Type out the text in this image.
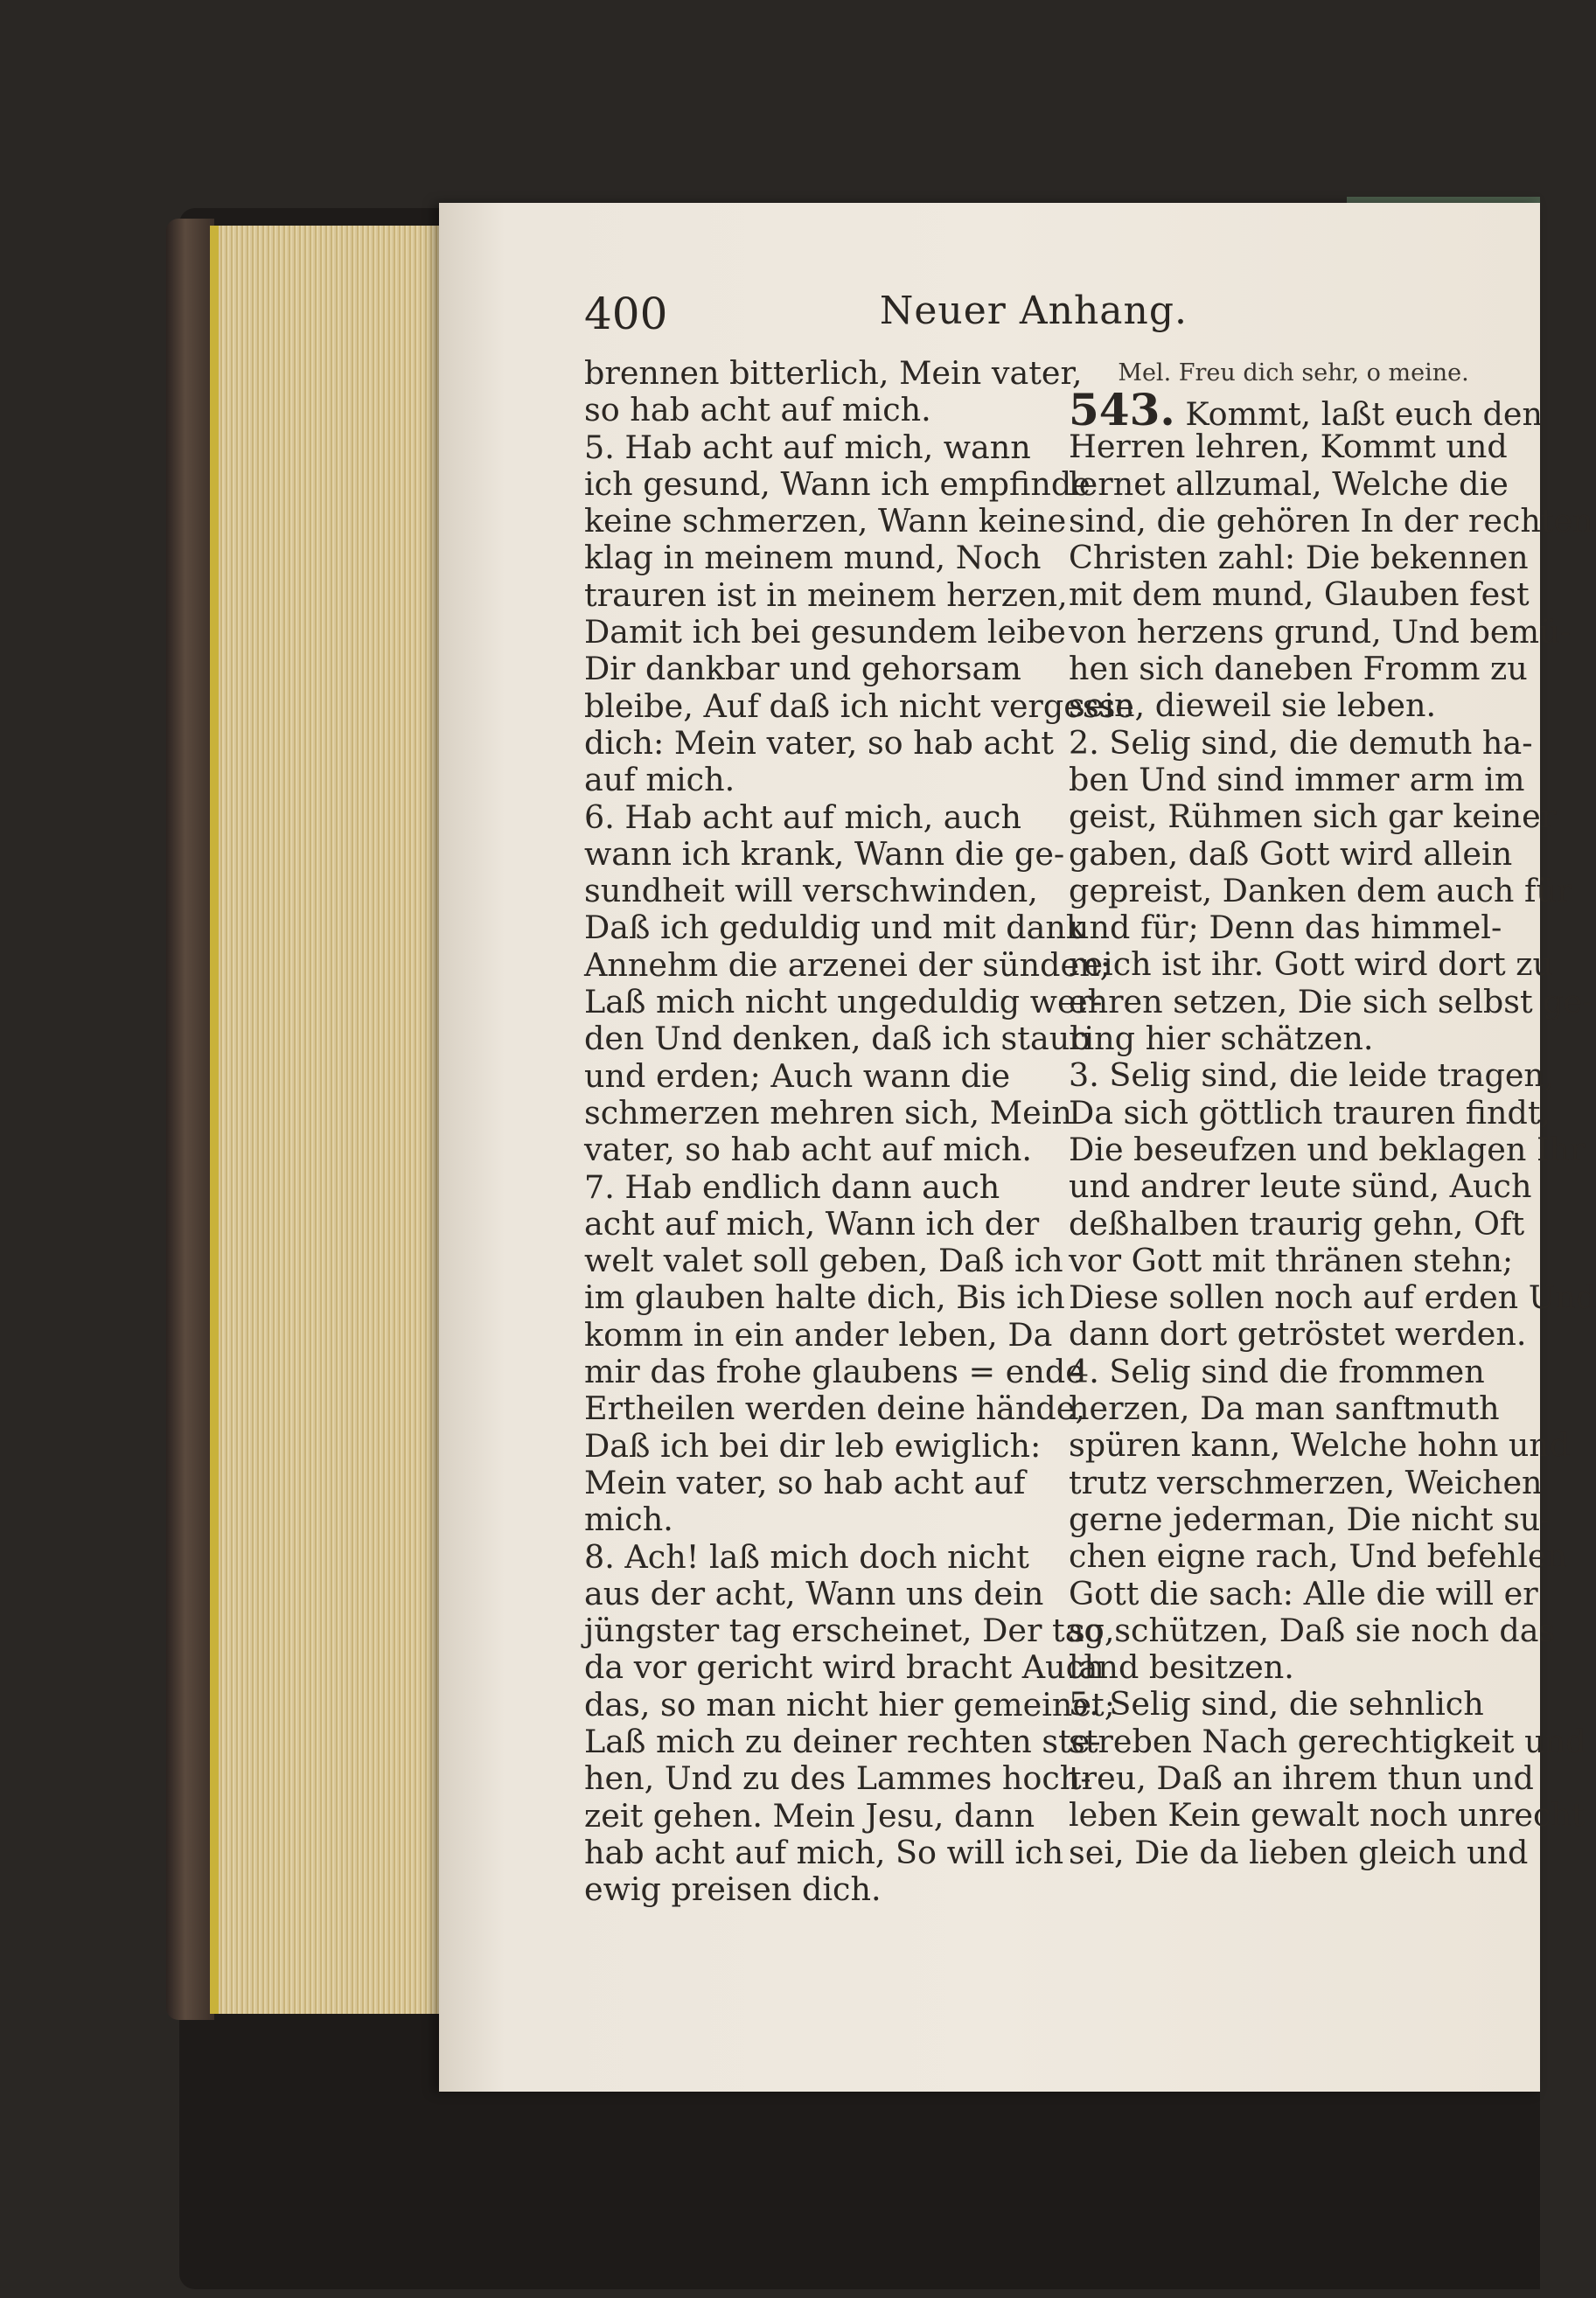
400	Neuer Anhang.
brennen bitterlich, Mein vater,
so hab acht auf mich.
5. Hab acht auf mich, wann
ich gesund, Wann ich empfinde
keine schmerzen, Wann keine
klag in meinem mund, Noch
trauren ist in meinem herzen,
Damit ich bei gesundem leibe
Dir dankbar und gehorsam
bleibe, Auf daß ich nicht vergesse
dich: Mein vater, so hab acht
auf mich.
6. Hab acht auf mich, auch
wann ich krank, Wann die ge-
sundheit will verschwinden,
Daß ich geduldig und mit dank
Annehm die arzenei der sünden;
Laß mich nicht ungeduldig wer-
den Und denken, daß ich staub
und erden; Auch wann die
schmerzen mehren sich, Mein
vater, so hab acht auf mich.
7. Hab endlich dann auch
acht auf mich, Wann ich der
welt valet soll geben, Daß ich
im glauben halte dich, Bis ich
komm in ein ander leben, Da
mir das frohe glaubens = ende
Ertheilen werden deine hände,
Daß ich bei dir leb ewiglich:
Mein vater, so hab acht auf
mich.
8. Ach! laß mich doch nicht
aus der acht, Wann uns dein
jüngster tag erscheinet, Der tag,
da vor gericht wird bracht Auch
das, so man nicht hier gemeinet;
Laß mich zu deiner rechten ste-
hen, Und zu des Lammes hoch-
zeit gehen. Mein Jesu, dann
hab acht auf mich, So will ich
ewig preisen dich.
Mel. Freu dich sehr, o meine.
543. Kommt, laßt euch den
Herren lehren, Kommt und
lernet allzumal, Welche die
sind, die gehören In der rechten
Christen zahl: Die bekennen
mit dem mund, Glauben fest
von herzens grund, Und bemü-
hen sich daneben Fromm zu
sein, dieweil sie leben.
2. Selig sind, die demuth ha-
ben Und sind immer arm im
geist, Rühmen sich gar keiner
gaben, daß Gott wird allein
gepreist, Danken dem auch für
und für; Denn das himmel-
reich ist ihr. Gott wird dort zu
ehren setzen, Die sich selbst ge-
ring hier schätzen.
3. Selig sind, die leide tragen,
Da sich göttlich trauren findt,
Die beseufzen und beklagen Ihr
und andrer leute sünd, Auch
deßhalben traurig gehn, Oft
vor Gott mit thränen stehn;
Diese sollen noch auf erden Und
dann dort getröstet werden.
4. Selig sind die frommen
herzen, Da man sanftmuth
spüren kann, Welche hohn und
trutz verschmerzen, Weichen
gerne jederman, Die nicht su-
chen eigne rach, Und befehlen
Gott die sach: Alle die will er
so schützen, Daß sie noch das
land besitzen.
5. Selig sind, die sehnlich
streben Nach gerechtigkeit und
treu, Daß an ihrem thun und
leben Kein gewalt noch unrecht
sei, Die da lieben gleich und
